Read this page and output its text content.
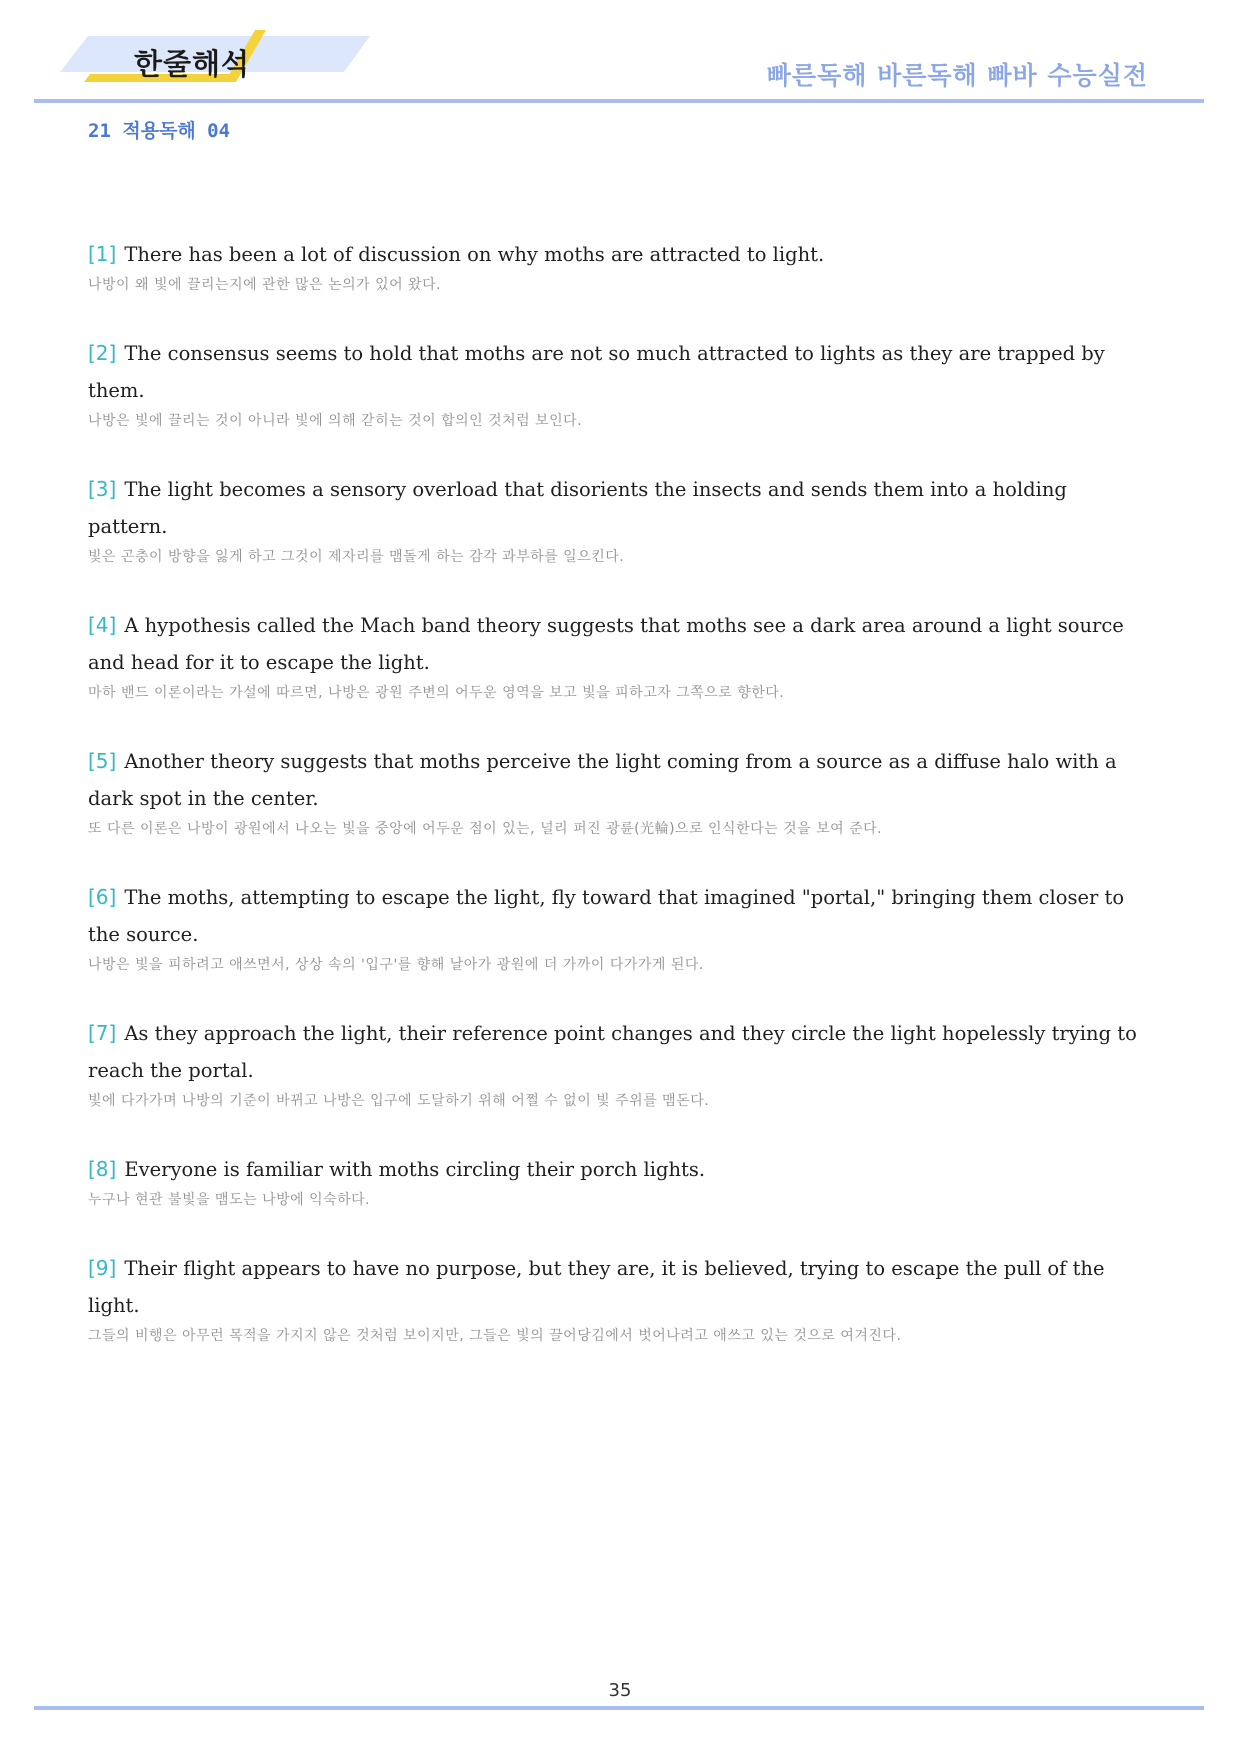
한줄해석	빠른독해 바른독해 빠바 수능실전
21 적용독해 04

[1] There has been a lot of discussion on why moths are attracted to light.

나방이 왜 빛에 끌리는지에 관한 많은 논의가 있어 왔다.

[2] The consensus seems to hold that moths are not so much attracted to lights as they are trapped by them.

나방은 빛에 끌리는 것이 아니라 빛에 의해 갇히는 것이 합의인 것처럼 보인다.

[3] The light becomes a sensory overload that disorients the insects and sends them into a holding pattern.

빛은 곤충이 방향을 잃게 하고 그것이 제자리를 맴돌게 하는 감각 과부하를 일으킨다.

[4] A hypothesis called the Mach band theory suggests that moths see a dark area around a light source and head for it to escape the light.

마하 밴드 이론이라는 가설에 따르면, 나방은 광원 주변의 어두운 영역을 보고 빛을 피하고자 그쪽으로 향한다.

[5] Another theory suggests that moths perceive the light coming from a source as a diffuse halo with a dark spot in the center.

또 다른 이론은 나방이 광원에서 나오는 빛을 중앙에 어두운 점이 있는, 널리 퍼진 광륜(光輪)으로 인식한다는 것을 보여 준다.

[6] The moths, attempting to escape the light, fly toward that imagined "portal," bringing them closer to the source.

나방은 빛을 피하려고 애쓰면서, 상상 속의 '입구'를 향해 날아가 광원에 더 가까이 다가가게 된다.

[7] As they approach the light, their reference point changes and they circle the light hopelessly trying to reach the portal.

빛에 다가가며 나방의 기준이 바뀌고 나방은 입구에 도달하기 위해 어쩔 수 없이 빛 주위를 맴돈다.

[8] Everyone is familiar with moths circling their porch lights.

누구나 현관 불빛을 맴도는 나방에 익숙하다.

[9] Their flight appears to have no purpose, but they are, it is believed, trying to escape the pull of the light.

그들의 비행은 아무런 목적을 가지지 않은 것처럼 보이지만, 그들은 빛의 끌어당김에서 벗어나려고 애쓰고 있는 것으로 여겨진다.

35
